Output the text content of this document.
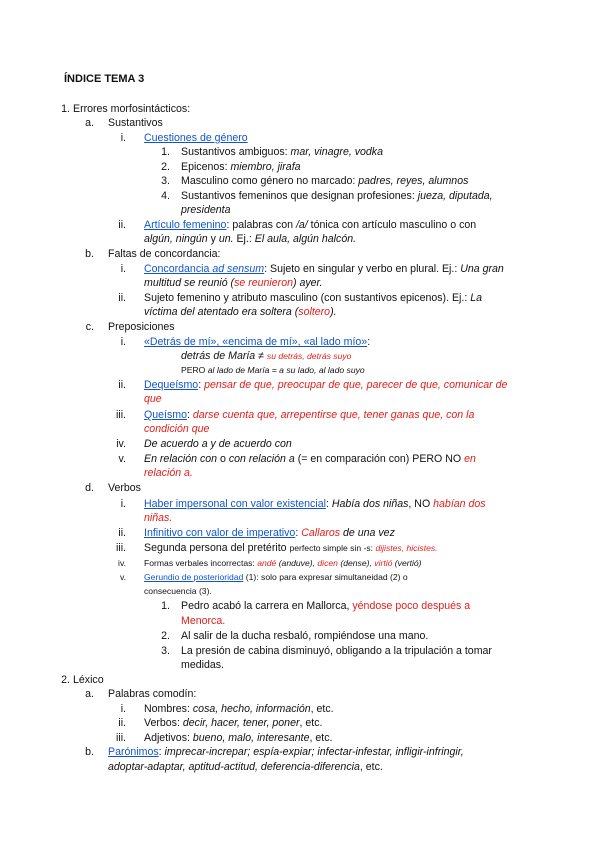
ÍNDICE TEMA 3
1. Errores morfosintácticos:
a. Sustantivos
i. Cuestiones de género
1. Sustantivos ambiguos: mar, vinagre, vodka
2. Epicenos: miembro, jirafa
3. Masculino como género no marcado: padres, reyes, alumnos
4. Sustantivos femeninos que designan profesiones: jueza, diputada,
presidenta
ii. Artículo femenino: palabras con /a/ tónica con artículo masculino o con
algún, ningún y un. Ej.: El aula, algún halcón.
b. Faltas de concordancia:
i. Concordancia ad sensum: Sujeto en singular y verbo en plural. Ej.: Una gran
multitud se reunió (se reunieron) ayer.
ii. Sujeto femenino y atributo masculino (con sustantivos epicenos). Ej.: La
víctima del atentado era soltera (soltero).
c. Preposiciones
i. «Detrás de mí», «encima de mí», «al lado mío»:
detrás de María ≠ su detrás, detrás suyo
PERO al lado de María = a su lado, al lado suyo
ii. Dequeísmo: pensar de que, preocupar de que, parecer de que, comunicar de
que
iii. Queísmo: darse cuenta que, arrepentirse que, tener ganas que, con la
condición que
iv. De acuerdo a y de acuerdo con
v. En relación con o con relación a (= en comparación con) PERO NO en
relación a.
d. Verbos
i. Haber impersonal con valor existencial: Había dos niñas, NO habían dos
niñas.
ii. Infinitivo con valor de imperativo: Callaros de una vez
iii. Segunda persona del pretérito perfecto simple sin -s: dijistes, hicistes.
iv. Formas verbales incorrectas: andé (anduve), dicen (dense), virtió (vertió)
v. Gerundio de posterioridad (1): solo para expresar simultaneidad (2) o
consecuencia (3).
1. Pedro acabó la carrera en Mallorca, yéndose poco después a
Menorca.
2. Al salir de la ducha resbaló, rompiéndose una mano.
3. La presión de cabina disminuyó, obligando a la tripulación a tomar
medidas.
2. Léxico
a. Palabras comodín:
i. Nombres: cosa, hecho, información, etc.
ii. Verbos: decir, hacer, tener, poner, etc.
iii. Adjetivos: bueno, malo, interesante, etc.
b. Parónimos: imprecar-increpar; espía-expiar; infectar-infestar, infligir-infringir,
adoptar-adaptar, aptitud-actitud, deferencia-diferencia, etc.
